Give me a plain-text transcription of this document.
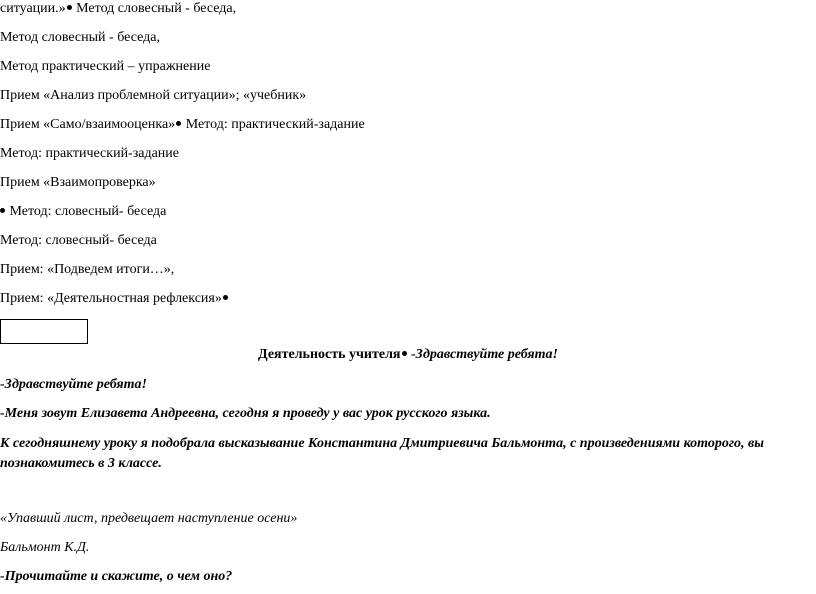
ситуации.» Метод словесный - беседа,
Метод словесный - беседа,
Метод практический – упражнение
Прием «Анализ проблемной ситуации»; «учебник»
Прием «Само/взаимооценка» Метод: практический-задание
Метод: практический-задание
Прием «Взаимопроверка»
Метод: словесный- беседа
Метод: словесный- беседа
Прием: «Подведем итоги…»,
Прием: «Деятельностная рефлексия»
Деятельность учителя -Здравствуйте ребята!
-Здравствуйте ребята!
-Меня зовут Елизавета Андреевна, сегодня я проведу у вас урок русского языка.
К сегодняшнему уроку я подобрала высказывание Константина Дмитриевича Бальмонта, с произведениями которого, вы познакомитесь в 3 классе.
«Упавший лист, предвещает наступление осени»
Бальмонт К.Д.
-Прочитайте и скажите, о чем оно?
